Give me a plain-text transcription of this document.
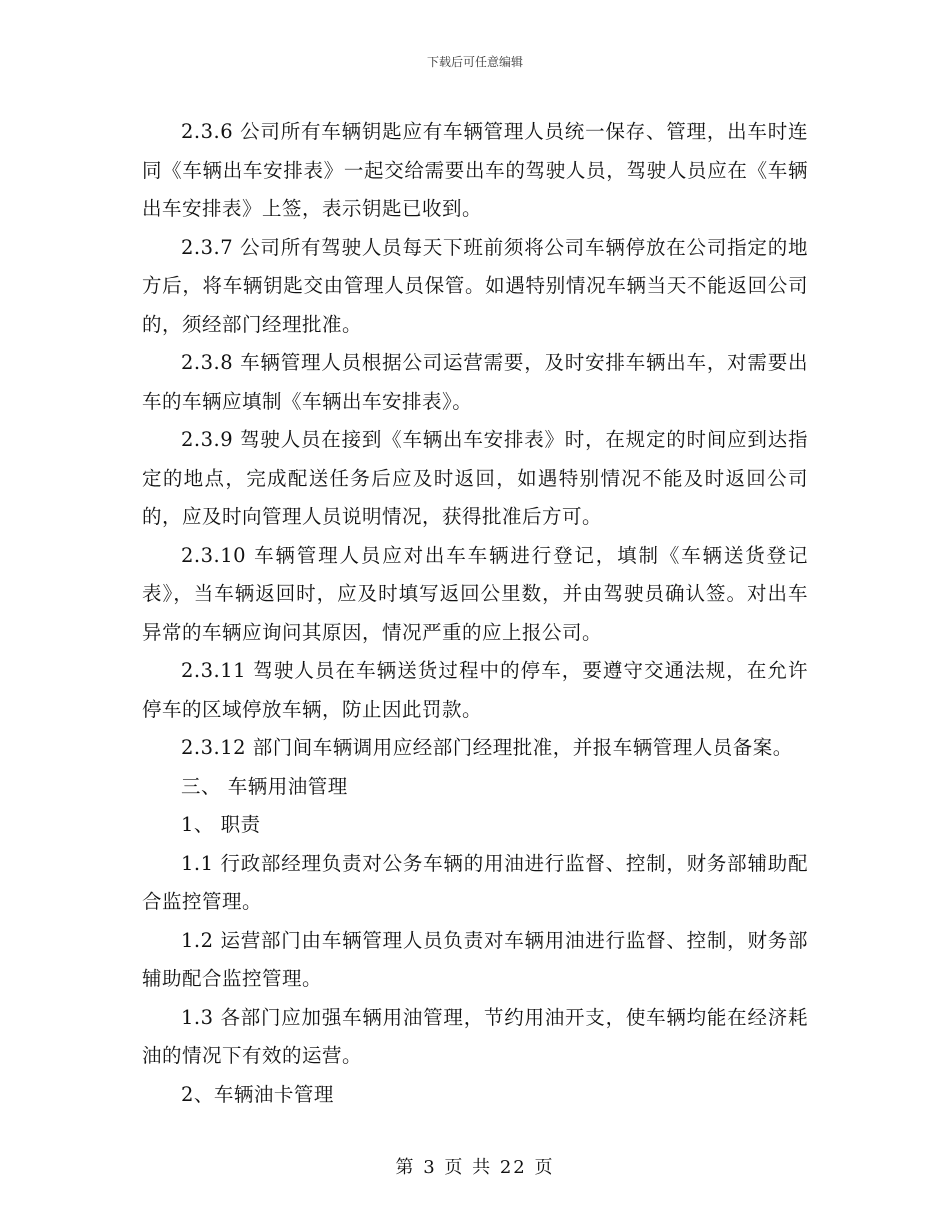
下载后可任意编辑

2.3.6 公司所有车辆钥匙应有车辆管理人员统一保存、管理，出车时连同《车辆出车安排表》一起交给需要出车的驾驶人员，驾驶人员应在《车辆出车安排表》上签，表示钥匙已收到。

2.3.7 公司所有驾驶人员每天下班前须将公司车辆停放在公司指定的地方后，将车辆钥匙交由管理人员保管。如遇特别情况车辆当天不能返回公司的，须经部门经理批准。

2.3.8 车辆管理人员根据公司运营需要，及时安排车辆出车，对需要出车的车辆应填制《车辆出车安排表》。

2.3.9 驾驶人员在接到《车辆出车安排表》时，在规定的时间应到达指定的地点，完成配送任务后应及时返回，如遇特别情况不能及时返回公司的，应及时向管理人员说明情况，获得批准后方可。

2.3.10 车辆管理人员应对出车车辆进行登记，填制《车辆送货登记表》，当车辆返回时，应及时填写返回公里数，并由驾驶员确认签。对出车异常的车辆应询问其原因，情况严重的应上报公司。

2.3.11 驾驶人员在车辆送货过程中的停车，要遵守交通法规，在允许停车的区域停放车辆，防止因此罚款。

2.3.12 部门间车辆调用应经部门经理批准，并报车辆管理人员备案。

三、 车辆用油管理

1、 职责

1.1 行政部经理负责对公务车辆的用油进行监督、控制，财务部辅助配合监控管理。

1.2 运营部门由车辆管理人员负责对车辆用油进行监督、控制，财务部辅助配合监控管理。

1.3 各部门应加强车辆用油管理，节约用油开支，使车辆均能在经济耗油的情况下有效的运营。

2、车辆油卡管理

第 3 页 共 22 页
